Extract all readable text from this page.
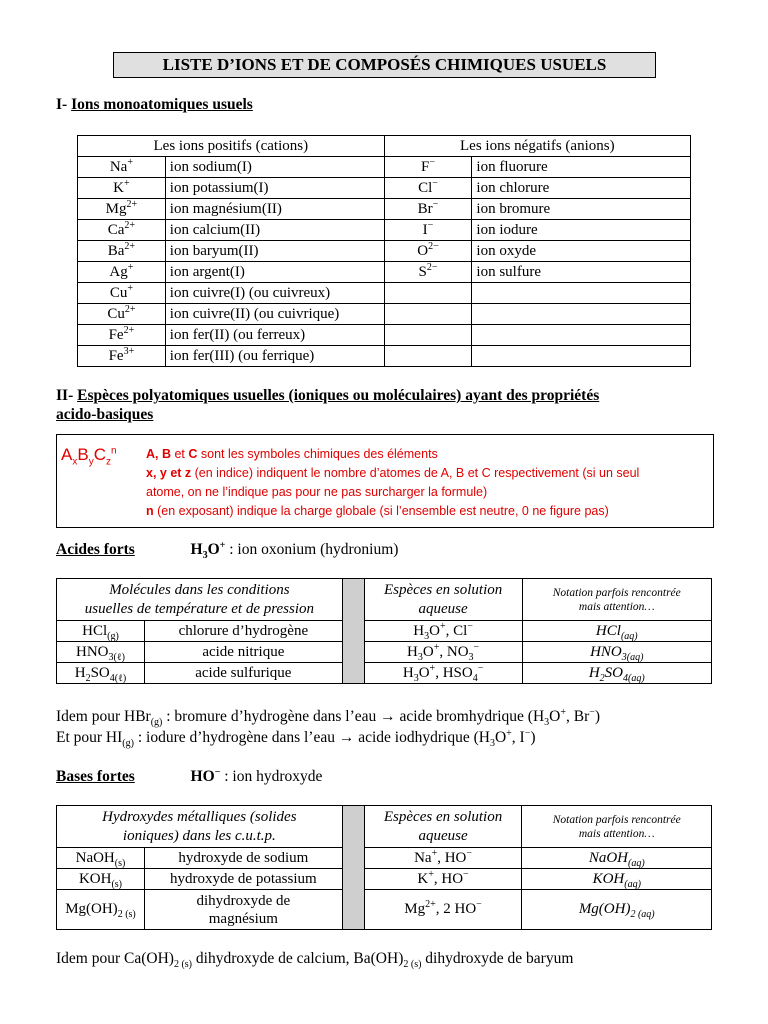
LISTE D’IONS ET DE COMPOSÉS CHIMIQUES USUELS
I- Ions monoatomiques usuels
Les ions positifs (cations)		Les ions négatifs (anions)	
Na+	ion sodium(I)	F−	ion fluorure
K+	ion potassium(I)	Cl−	ion chlorure
$Mg^{2+}$	ion magnésium(II)	Br−	ion bromure
$Ca^{2+}$	ion calcium(II)	I−	ion iodure
$Ba^{2+}$	ion baryum(II)	$O^{2-}$	ion oxyde
Ag+	ion argent(I)	$S^{2-}$	ion sulfure
Cu+	ion cuivre(I) (ou cuivreux)		
$Cu^{2+}$	ion cuivre(II) (ou cuivrique)		
$Fe^{2+}$	ion fer(II) (ou ferreux)		
$Fe^{3+}$	ion fer(III) (ou ferrique)		
II- Espèces polyatomiques usuelles (ioniques ou moléculaires) ayant des propriétés
acido-basiques
$A_xB_yC_z^n$ A, B et C sont les symboles chimiques des éléments
x, y et z (en indice) indiquent le nombre d’atomes de A, B et C respectivement (si un seul
atome, on ne l’indique pas pour ne pas surcharger la formule)
n (en exposant) indique la charge globale (si l’ensemble est neutre, 0 ne figure pas)
Acides forts	$H_3O^+$ : ion oxonium (hydronium)
Molécules dans les conditions
usuelles de température et de pression			Espèces en solution
aqueuse	Notation parfois rencontrée
mais attention…
HCl$_{(g)}$	chlorure d’hydrogène		$H_3O^+$, Cl−	HCl$_{(aq)}$
$HNO_{3(\ell)}$	acide nitrique		$H_3O^+$, $NO_3^-$	$HNO_{3(aq)}$
$H_2SO_{4(\ell)}$	acide sulfurique		$H_3O^+$, $HSO_4^-$	$H_2SO_{4(aq)}$
Idem pour HBr$_{(g)}$ : bromure d’hydrogène dans l’eau → acide bromhydrique ($H_3O^+$, Br−)
Et pour $HI_{(g)}$ : iodure d’hydrogène dans l’eau → acide iodhydrique ($H_3O^+$, I−)
Bases fortes	HO− : ion hydroxyde
Hydroxydes métalliques (solides
ioniques) dans les c.u.t.p.			Espèces en solution
aqueuse	Notation parfois rencontrée
mais attention…
NaOH$_{(s)}$	hydroxyde de sodium		Na+, HO−	NaOH$_{(aq)}$
$KOH_{(s)}$	hydroxyde de potassium		K+, HO−	$KOH_{(aq)}$
$Mg(OH)_{2 (s)}$	dihydroxyde de
magnésium		$Mg^{2+}$, 2 HO−	$Mg(OH)_{2 (aq)}$
Idem pour $Ca(OH)_{2 (s)}$ dihydroxyde de calcium, $Ba(OH)_{2 (s)}$ dihydroxyde de baryum
